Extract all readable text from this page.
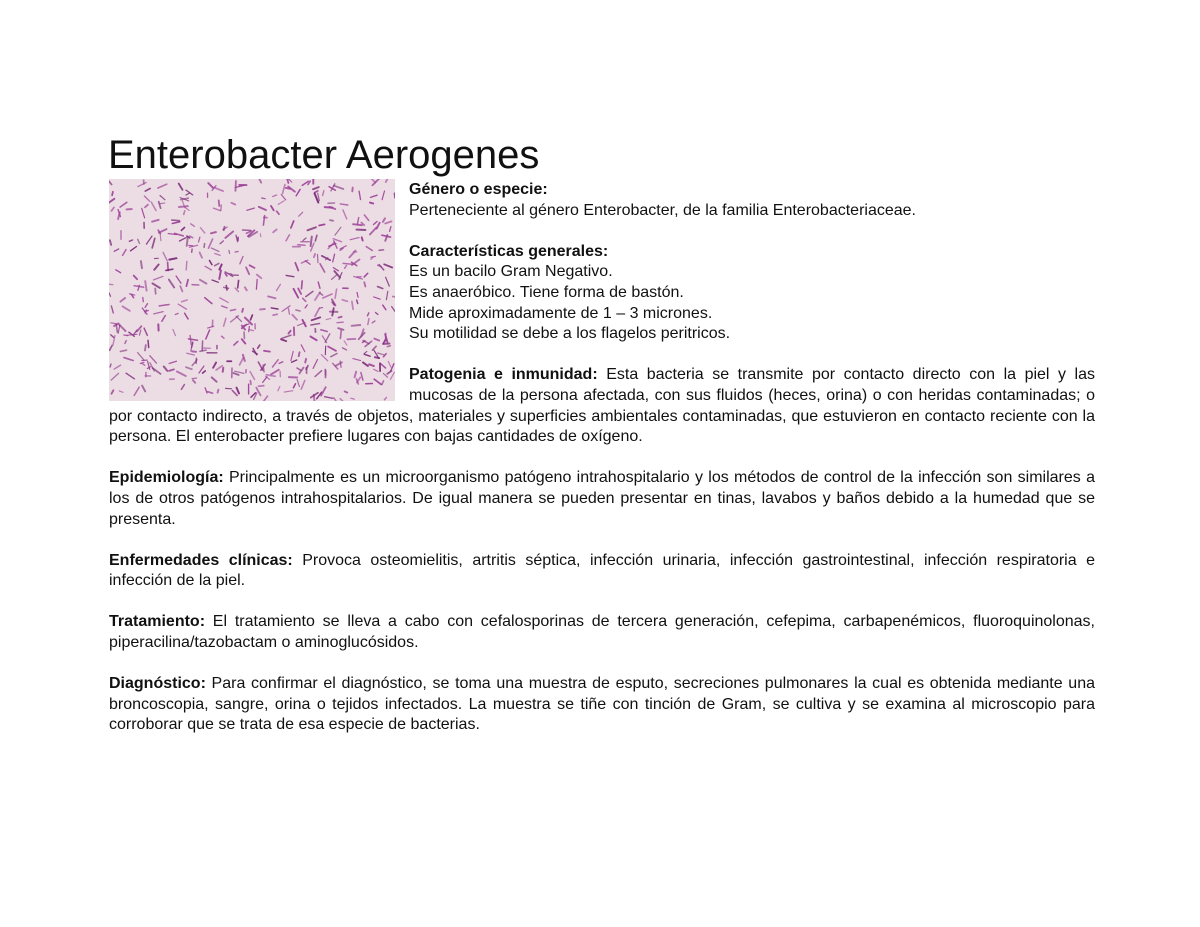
Enterobacter Aerogenes

Género o especie:
Perteneciente al género Enterobacter, de la familia Enterobacteriaceae.

Características generales:
Es un bacilo Gram Negativo.
Es anaeróbico. Tiene forma de bastón.
Mide aproximadamente de 1 – 3 micrones.
Su motilidad se debe a los flagelos peritricos.

Patogenia e inmunidad: Esta bacteria se transmite por contacto directo con la piel y las mucosas de la persona afectada, con sus fluidos (heces, orina) o con heridas contaminadas; o por contacto indirecto, a través de objetos, materiales y superficies ambientales contaminadas, que estuvieron en contacto reciente con la persona. El enterobacter prefiere lugares con bajas cantidades de oxígeno.

Epidemiología: Principalmente es un microorganismo patógeno intrahospitalario y los métodos de control de la infección son similares a los de otros patógenos intrahospitalarios. De igual manera se pueden presentar en tinas, lavabos y baños debido a la humedad que se presenta.

Enfermedades clínicas: Provoca osteomielitis, artritis séptica, infección urinaria, infección gastrointestinal, infección respiratoria e infección de la piel.

Tratamiento: El tratamiento se lleva a cabo con cefalosporinas de tercera generación, cefepima, carbapenémicos, fluoroquinolonas, piperacilina/tazobactam o aminoglucósidos.

Diagnóstico: Para confirmar el diagnóstico, se toma una muestra de esputo, secreciones pulmonares la cual es obtenida mediante una broncoscopia, sangre, orina o tejidos infectados. La muestra se tiñe con tinción de Gram, se cultiva y se examina al microscopio para corroborar que se trata de esa especie de bacterias.
